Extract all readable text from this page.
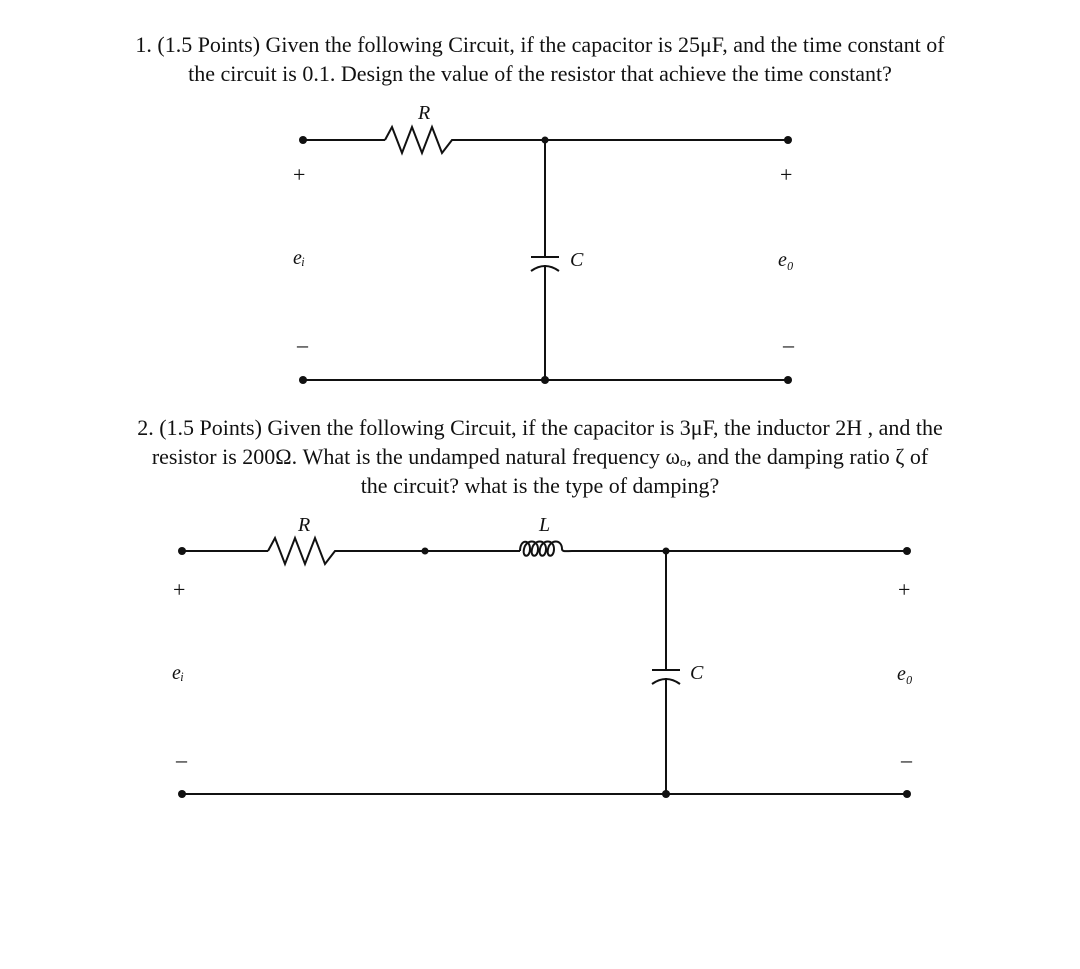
1. (1.5 Points) Given the following Circuit, if the capacitor is 25μF, and the time constant of
the circuit is 0.1. Design the value of the resistor that achieve the time constant?
R
C
eᵢ	e₀
+
–
+
–
2. (1.5 Points) Given the following Circuit, if the capacitor is 3μF, the inductor 2H , and the
resistor is 200Ω. What is the undamped natural frequency ωₒ, and the damping ratio ζ of
the circuit? what is the type of damping?
R	L
C
eᵢ	e₀
+
–
+
–
